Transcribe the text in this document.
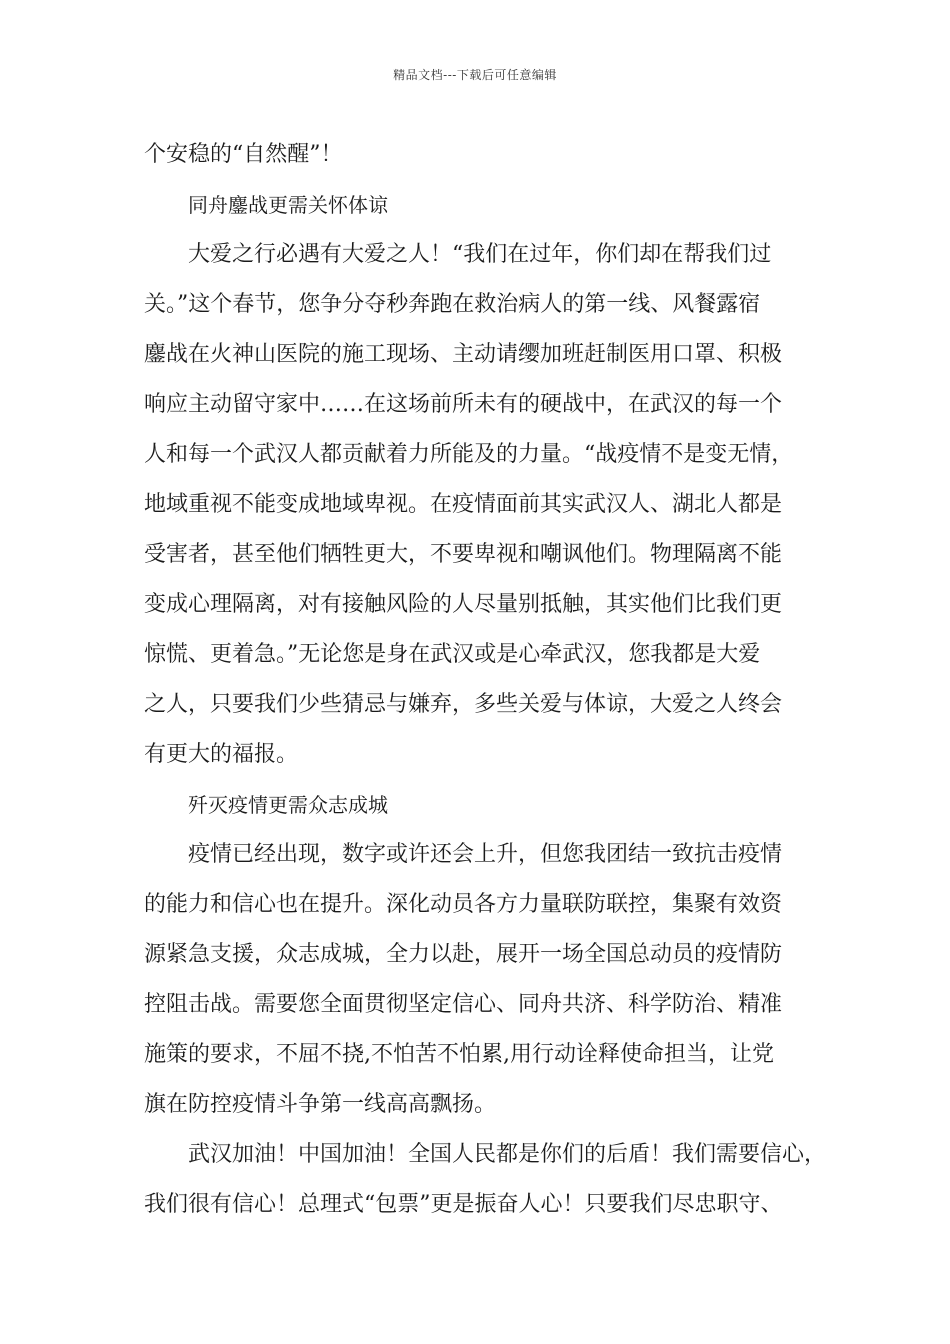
精品文档---下载后可任意编辑
个安稳的“自然醒”！
同舟鏖战更需关怀体谅
大爱之行必遇有大爱之人！“我们在过年，你们却在帮我们过
关。”这个春节，您争分夺秒奔跑在救治病人的第一线、风餐露宿
鏖战在火神山医院的施工现场、主动请缨加班赶制医用口罩、积极
响应主动留守家中……在这场前所未有的硬战中，在武汉的每一个
人和每一个武汉人都贡献着力所能及的力量。“战疫情不是变无情，
地域重视不能变成地域卑视。在疫情面前其实武汉人、湖北人都是
受害者，甚至他们牺牲更大，不要卑视和嘲讽他们。物理隔离不能
变成心理隔离，对有接触风险的人尽量别抵触，其实他们比我们更
惊慌、更着急。”无论您是身在武汉或是心牵武汉，您我都是大爱
之人，只要我们少些猜忌与嫌弃，多些关爱与体谅，大爱之人终会
有更大的福报。
歼灭疫情更需众志成城
疫情已经出现，数字或许还会上升，但您我团结一致抗击疫情
的能力和信心也在提升。深化动员各方力量联防联控，集聚有效资
源紧急支援，众志成城，全力以赴，展开一场全国总动员的疫情防
控阻击战。需要您全面贯彻坚定信心、同舟共济、科学防治、精准
施策的要求，不屈不挠,不怕苦不怕累,用行动诠释使命担当，让党
旗在防控疫情斗争第一线高高飘扬。
武汉加油！中国加油！全国人民都是你们的后盾！我们需要信心，
我们很有信心！总理式“包票”更是振奋人心！只要我们尽忠职守、
